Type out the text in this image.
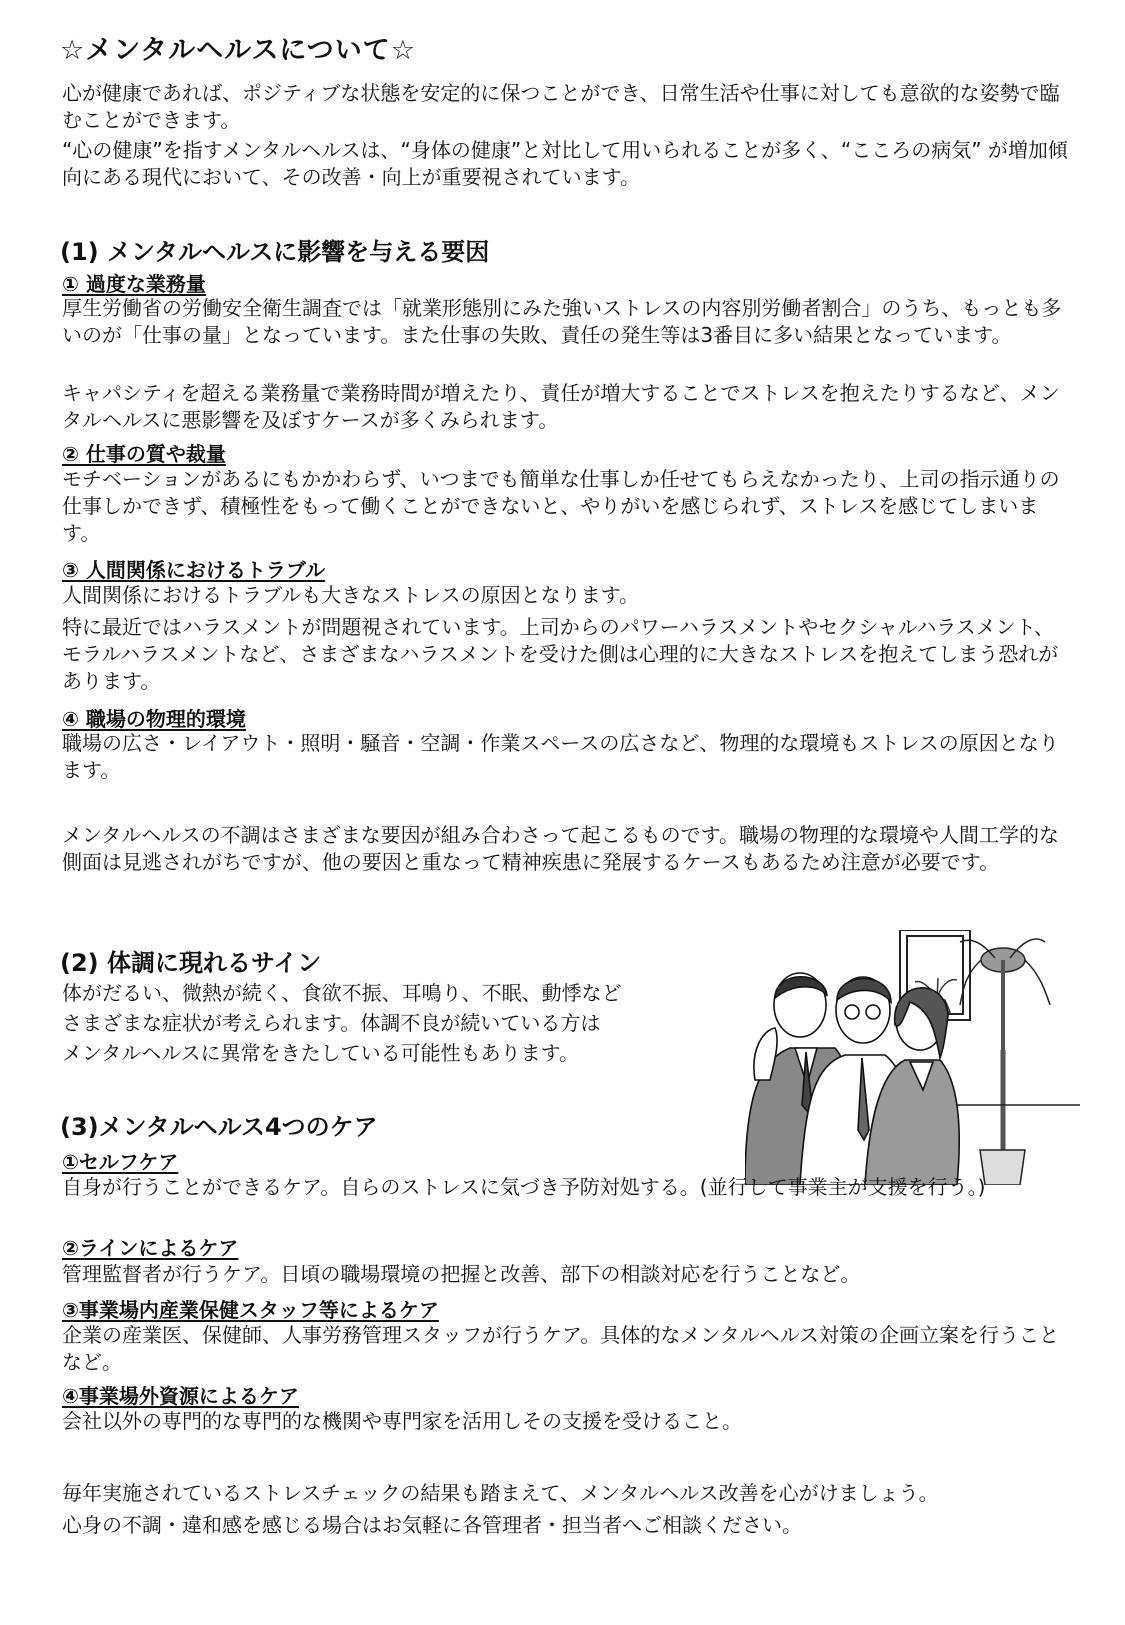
☆メンタルヘルスについて☆

心が健康であれば、ポジティブな状態を安定的に保つことができ、日常生活や仕事に対しても意欲的な姿勢で臨むことができます。

“心の健康”を指すメンタルヘルスは、“身体の健康”と対比して用いられることが多く、“こころの病気” が増加傾向にある現代において、その改善・向上が重要視されています。

(1) メンタルヘルスに影響を与える要因
① 過度な業務量

厚生労働省の労働安全衛生調査では「就業形態別にみた強いストレスの内容別労働者割合」のうち、もっとも多いのが「仕事の量」となっています。また仕事の失敗、責任の発生等は3番目に多い結果となっています。

キャパシティを超える業務量で業務時間が増えたり、責任が増大することでストレスを抱えたりするなど、メンタルヘルスに悪影響を及ぼすケースが多くみられます。

② 仕事の質や裁量

モチベーションがあるにもかかわらず、いつまでも簡単な仕事しか任せてもらえなかったり、上司の指示通りの仕事しかできず、積極性をもって働くことができないと、やりがいを感じられず、ストレスを感じてしまいます。

③ 人間関係におけるトラブル

人間関係におけるトラブルも大きなストレスの原因となります。

特に最近ではハラスメントが問題視されています。上司からのパワーハラスメントやセクシャルハラスメント、モラルハラスメントなど、さまざまなハラスメントを受けた側は心理的に大きなストレスを抱えてしまう恐れがあります。

④ 職場の物理的環境

職場の広さ・レイアウト・照明・騒音・空調・作業スペースの広さなど、物理的な環境もストレスの原因となります。

メンタルヘルスの不調はさまざまな要因が組み合わさって起こるものです。職場の物理的な環境や人間工学的な側面は見逃されがちですが、他の要因と重なって精神疾患に発展するケースもあるため注意が必要です。

(2) 体調に現れるサイン

体がだるい、微熱が続く、食欲不振、耳鳴り、不眠、動悸など

さまざまな症状が考えられます。体調不良が続いている方は

メンタルヘルスに異常をきたしている可能性もあります。

(3)メンタルヘルス4つのケア
①セルフケア

自身が行うことができるケア。自らのストレスに気づき予防対処する。(並行して事業主が支援を行う。)

②ラインによるケア

管理監督者が行うケア。日頃の職場環境の把握と改善、部下の相談対応を行うことなど。

③事業場内産業保健スタッフ等によるケア

企業の産業医、保健師、人事労務管理スタッフが行うケア。具体的なメンタルヘルス対策の企画立案を行うことなど。

④事業場外資源によるケア

会社以外の専門的な専門的な機関や専門家を活用しその支援を受けること。

毎年実施されているストレスチェックの結果も踏まえて、メンタルヘルス改善を心がけましょう。

心身の不調・違和感を感じる場合はお気軽に各管理者・担当者へご相談ください。
